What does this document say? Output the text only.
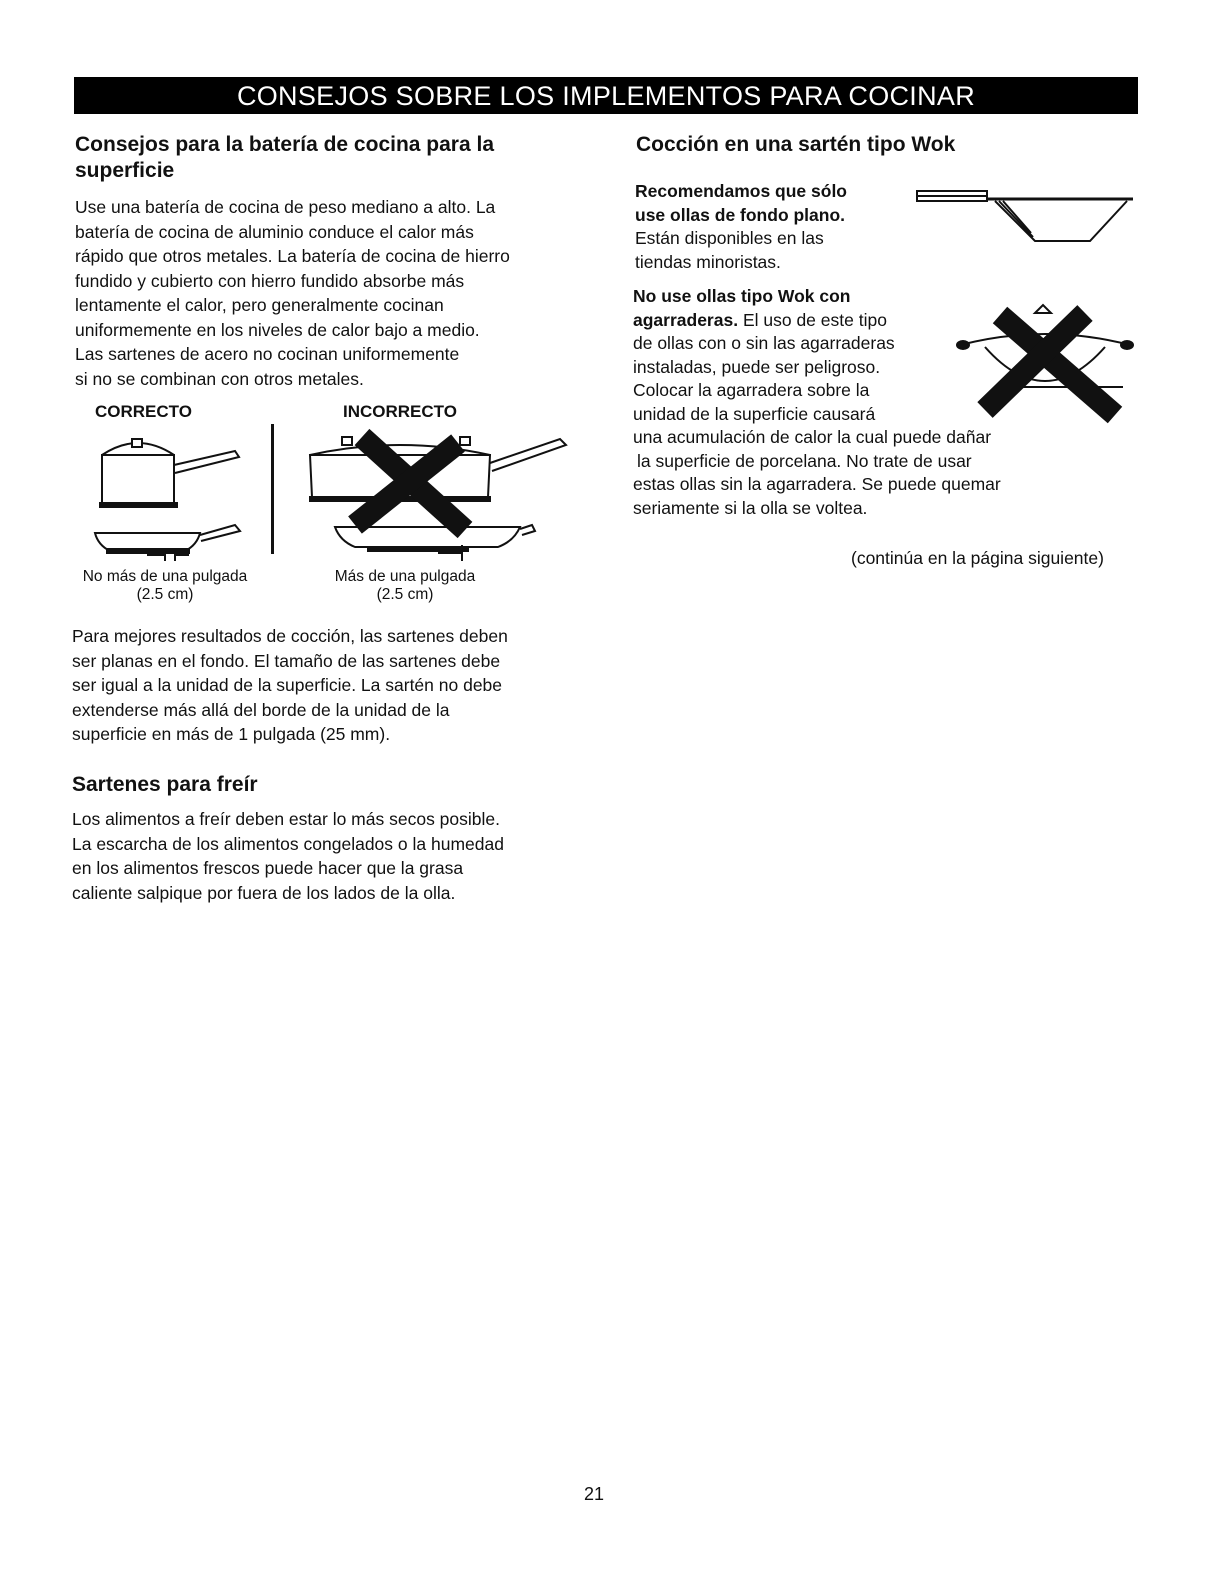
CONSEJOS SOBRE LOS IMPLEMENTOS PARA COCINAR
Consejos para la batería de cocina para la
superficie
Use una batería de cocina de peso mediano a alto. La
batería de cocina de aluminio conduce el calor más
rápido que otros metales. La batería de cocina de hierro
fundido y cubierto con hierro fundido absorbe más
lentamente el calor, pero generalmente cocinan
uniformemente en los niveles de calor bajo a medio.
Las sartenes de acero no cocinan uniformemente
si no se combinan con otros metales.
CORRECTO	INCORRECTO
No más de una pulgada
(2.5 cm)
Más de una pulgada
(2.5 cm)
Para mejores resultados de cocción, las sartenes deben
ser planas en el fondo. El tamaño de las sartenes debe
ser igual a la unidad de la superficie. La sartén no debe
extenderse más allá del borde de la unidad de la
superficie en más de 1 pulgada (25 mm).
Sartenes para freír
Los alimentos a freír deben estar lo más secos posible.
La escarcha de los alimentos congelados o la humedad
en los alimentos frescos puede hacer que la grasa
caliente salpique por fuera de los lados de la olla.
Cocción en una sartén tipo Wok
Recomendamos que sólo
use ollas de fondo plano.
Están disponibles en las
tiendas minoristas.
No use ollas tipo Wok con
agarraderas. El uso de este tipo
de ollas con o sin las agarraderas
instaladas, puede ser peligroso.
Colocar la agarradera sobre la
unidad de la superficie causará
una acumulación de calor la cual puede dañar
la superficie de porcelana. No trate de usar
estas ollas sin la agarradera. Se puede quemar
seriamente si la olla se voltea.
(continúa en la página siguiente)
21
